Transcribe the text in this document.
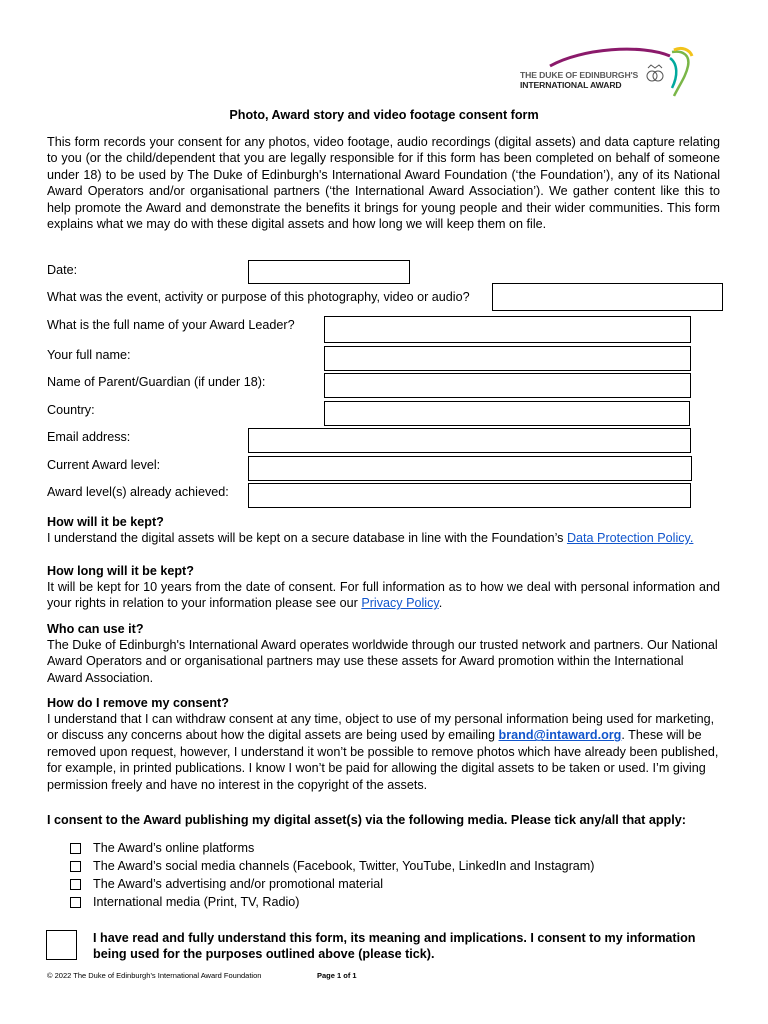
THE DUKE OF EDINBURGH'S
INTERNATIONAL AWARD
Photo, Award story and video footage consent form
This form records your consent for any photos, video footage, audio recordings (digital assets) and data capture relating to you (or the child/dependent that you are legally responsible for if this form has been completed on behalf of someone under 18) to be used by The Duke of Edinburgh's International Award Foundation (‘the Foundation’), any of its National Award Operators and/or organisational partners (‘the International Award Association’). We gather content like this to help promote the Award and demonstrate the benefits it brings for young people and their wider communities. This form explains what we may do with these digital assets and how long we will keep them on file.
Date:
What was the event, activity or purpose of this photography, video or audio?
What is the full name of your Award Leader?
Your full name:
Name of Parent/Guardian (if under 18):
Country:
Email address:
Current Award level:
Award level(s) already achieved:
How will it be kept?
I understand the digital assets will be kept on a secure database in line with the Foundation’s Data Protection Policy.
How long will it be kept?
It will be kept for 10 years from the date of consent. For full information as to how we deal with personal information and your rights in relation to your information please see our Privacy Policy.
Who can use it?
The Duke of Edinburgh's International Award operates worldwide through our trusted network and partners. Our National Award Operators and or organisational partners may use these assets for Award promotion within the International Award Association.
How do I remove my consent?
I understand that I can withdraw consent at any time, object to use of my personal information being used for marketing, or discuss any concerns about how the digital assets are being used by emailing brand@intaward.org. These will be removed upon request, however, I understand it won’t be possible to remove photos which have already been published, for example, in printed publications. I know I won’t be paid for allowing the digital assets to be taken or used. I’m giving permission freely and have no interest in the copyright of the assets.
I consent to the Award publishing my digital asset(s) via the following media. Please tick any/all that apply:
The Award’s online platforms
The Award’s social media channels (Facebook, Twitter, YouTube, LinkedIn and Instagram)
The Award’s advertising and/or promotional material
International media (Print, TV, Radio)
I have read and fully understand this form, its meaning and implications. I consent to my information being used for the purposes outlined above (please tick).
© 2022 The Duke of Edinburgh’s International Award Foundation	Page 1 of 1
